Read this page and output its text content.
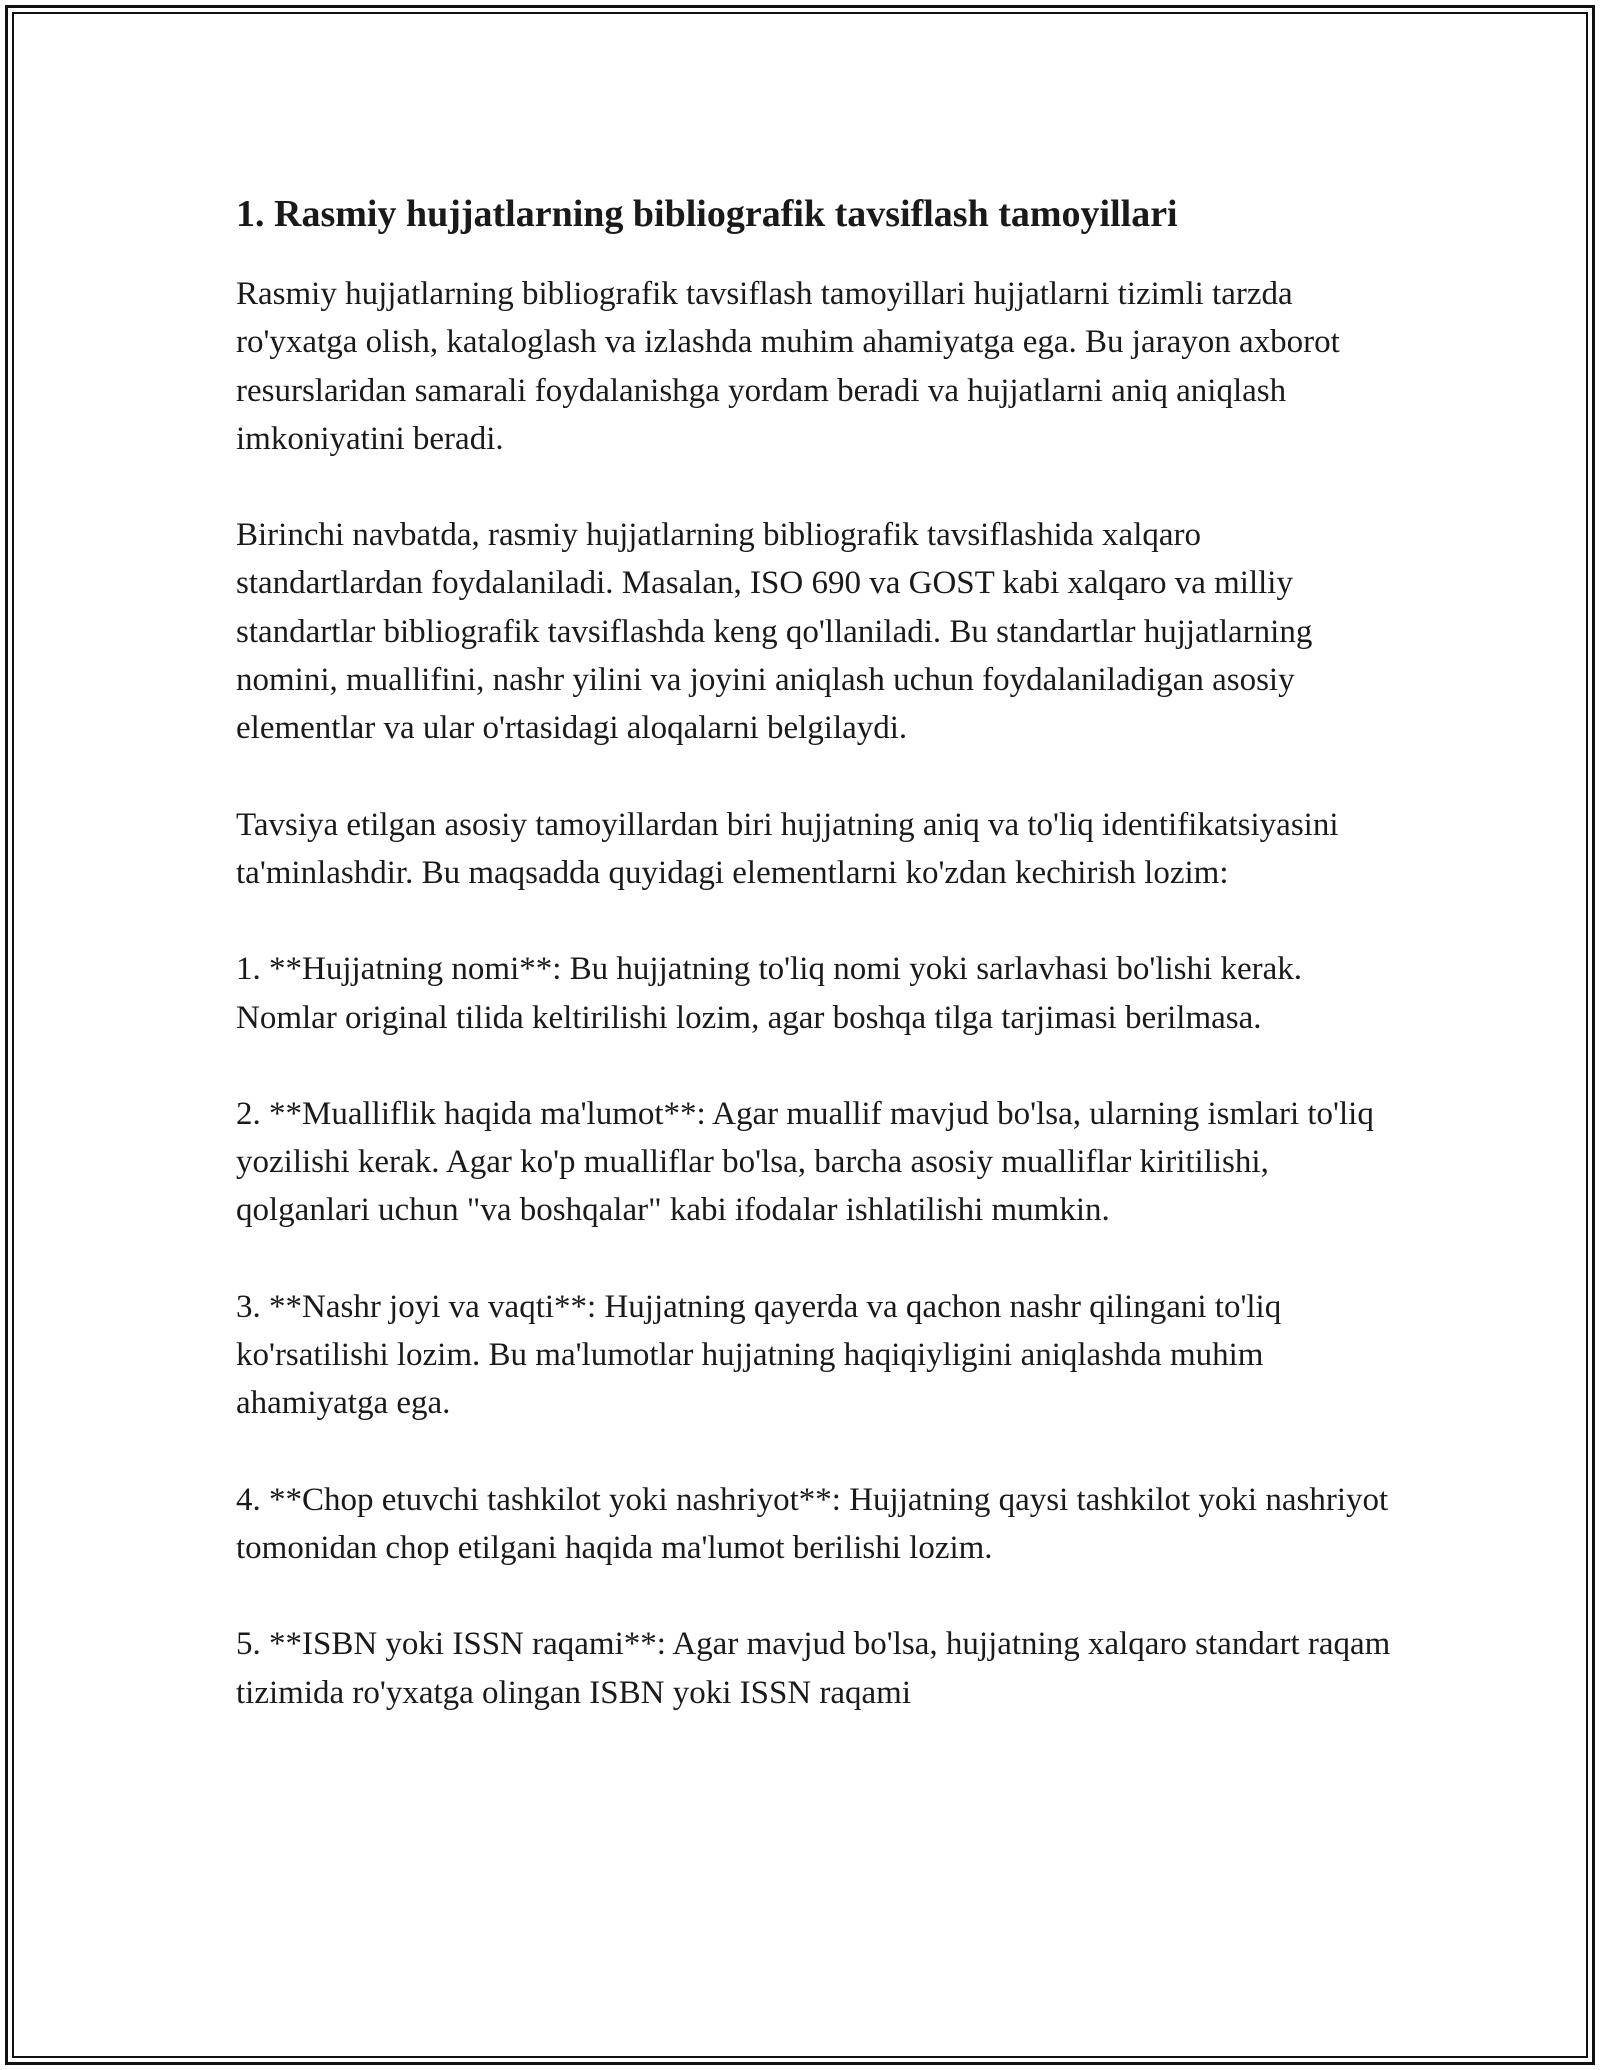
1. Rasmiy hujjatlarning bibliografik tavsiflash tamoyillari

Rasmiy hujjatlarning bibliografik tavsiflash tamoyillari hujjatlarni tizimli tarzda ro'yxatga olish, kataloglash va izlashda muhim ahamiyatga ega. Bu jarayon axborot resurslaridan samarali foydalanishga yordam beradi va hujjatlarni aniq aniqlash imkoniyatini beradi.

Birinchi navbatda, rasmiy hujjatlarning bibliografik tavsiflashida xalqaro standartlardan foydalaniladi. Masalan, ISO 690 va GOST kabi xalqaro va milliy standartlar bibliografik tavsiflashda keng qo'llaniladi. Bu standartlar hujjatlarning nomini, muallifini, nashr yilini va joyini aniqlash uchun foydalaniladigan asosiy elementlar va ular o'rtasidagi aloqalarni belgilaydi.

Tavsiya etilgan asosiy tamoyillardan biri hujjatning aniq va to'liq identifikatsiyasini ta'minlashdir. Bu maqsadda quyidagi elementlarni ko'zdan kechirish lozim:

1. **Hujjatning nomi**: Bu hujjatning to'liq nomi yoki sarlavhasi bo'lishi kerak. Nomlar original tilida keltirilishi lozim, agar boshqa tilga tarjimasi berilmasa.

2. **Mualliflik haqida ma'lumot**: Agar muallif mavjud bo'lsa, ularning ismlari to'liq yozilishi kerak. Agar ko'p mualliflar bo'lsa, barcha asosiy mualliflar kiritilishi, qolganlari uchun "va boshqalar" kabi ifodalar ishlatilishi mumkin.

3. **Nashr joyi va vaqti**: Hujjatning qayerda va qachon nashr qilingani to'liq ko'rsatilishi lozim. Bu ma'lumotlar hujjatning haqiqiyligini aniqlashda muhim ahamiyatga ega.

4. **Chop etuvchi tashkilot yoki nashriyot**: Hujjatning qaysi tashkilot yoki nashriyot tomonidan chop etilgani haqida ma'lumot berilishi lozim.

5. **ISBN yoki ISSN raqami**: Agar mavjud bo'lsa, hujjatning xalqaro standart raqam tizimida ro'yxatga olingan ISBN yoki ISSN raqami
